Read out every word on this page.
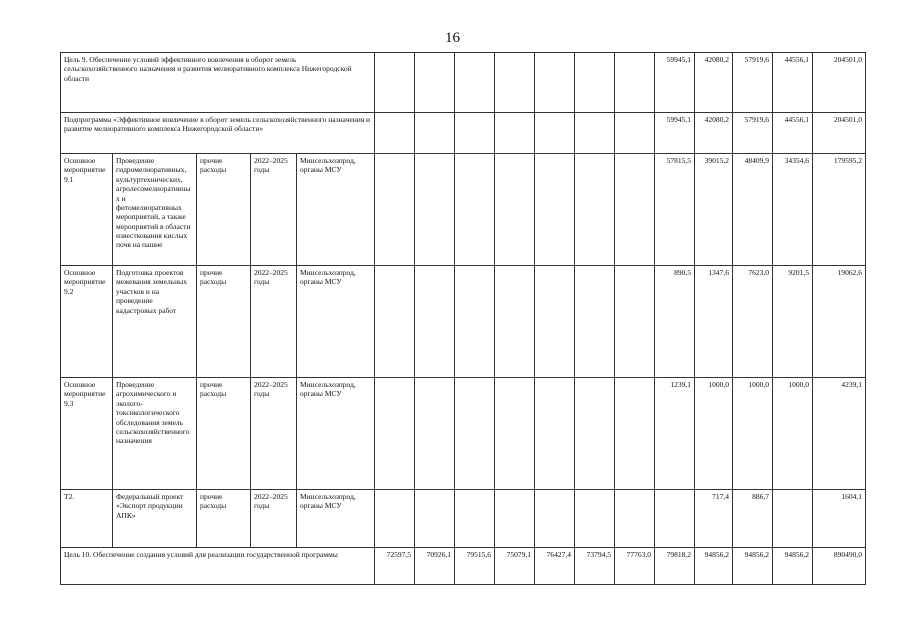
16
Цель 9. Обеспечение условий эффективного вовлечения в оборот земель сельскохозяйственного назначения и развития мелиоративного комплекса Нижегородской области												59945,1	42080,2	57919,6	44556,1	204501,0
Подпрограмма «Эффективное вовлечение в оборот земель сельскохозяйственного назначения и развитие мелиоративного комплекса Нижегородской области»												59945,1	42080,2	57919,6	44556,1	204501,0
Основное мероприятие 9.1	Проведение гидромелиоративных, культуртехнических, агролесомелиоративных и фитомелиоративных мероприятий, а также мероприятий в области известкования кислых почв на пашне	прочие расходы	2022–2025 годы	Минсельхозпрод, органы МСУ								57815,5	39015,2	48409,9	34354,6	179595,2
Основное мероприятие 9.2	Подготовка проектов межевания земельных участков и на проведение кадастровых работ	прочие расходы	2022–2025 годы	Минсельхозпрод, органы МСУ								890,5	1347,6	7623,0	9201,5	19062,6
Основное мероприятие 9.3	Проведение агрохимического и эколого-токсикологического обследования земель сельскохозяйственного назначения	прочие расходы	2022–2025 годы	Минсельхозпрод, органы МСУ								1239,1	1000,0	1000,0	1000,0	4239,1
Т2.	Федеральный проект «Экспорт продукции АПК»	прочие расходы	2022–2025 годы	Минсельхозпрод, органы МСУ									717,4	886,7		1604,1
Цель 10. Обеспечение создания условий для реализации государственной программы					72597,5	70926,1	79515,6	75079,1	76427,4	73794,5	77763,0	79818,2	94856,2	94856,2	94856,2	890490,0
